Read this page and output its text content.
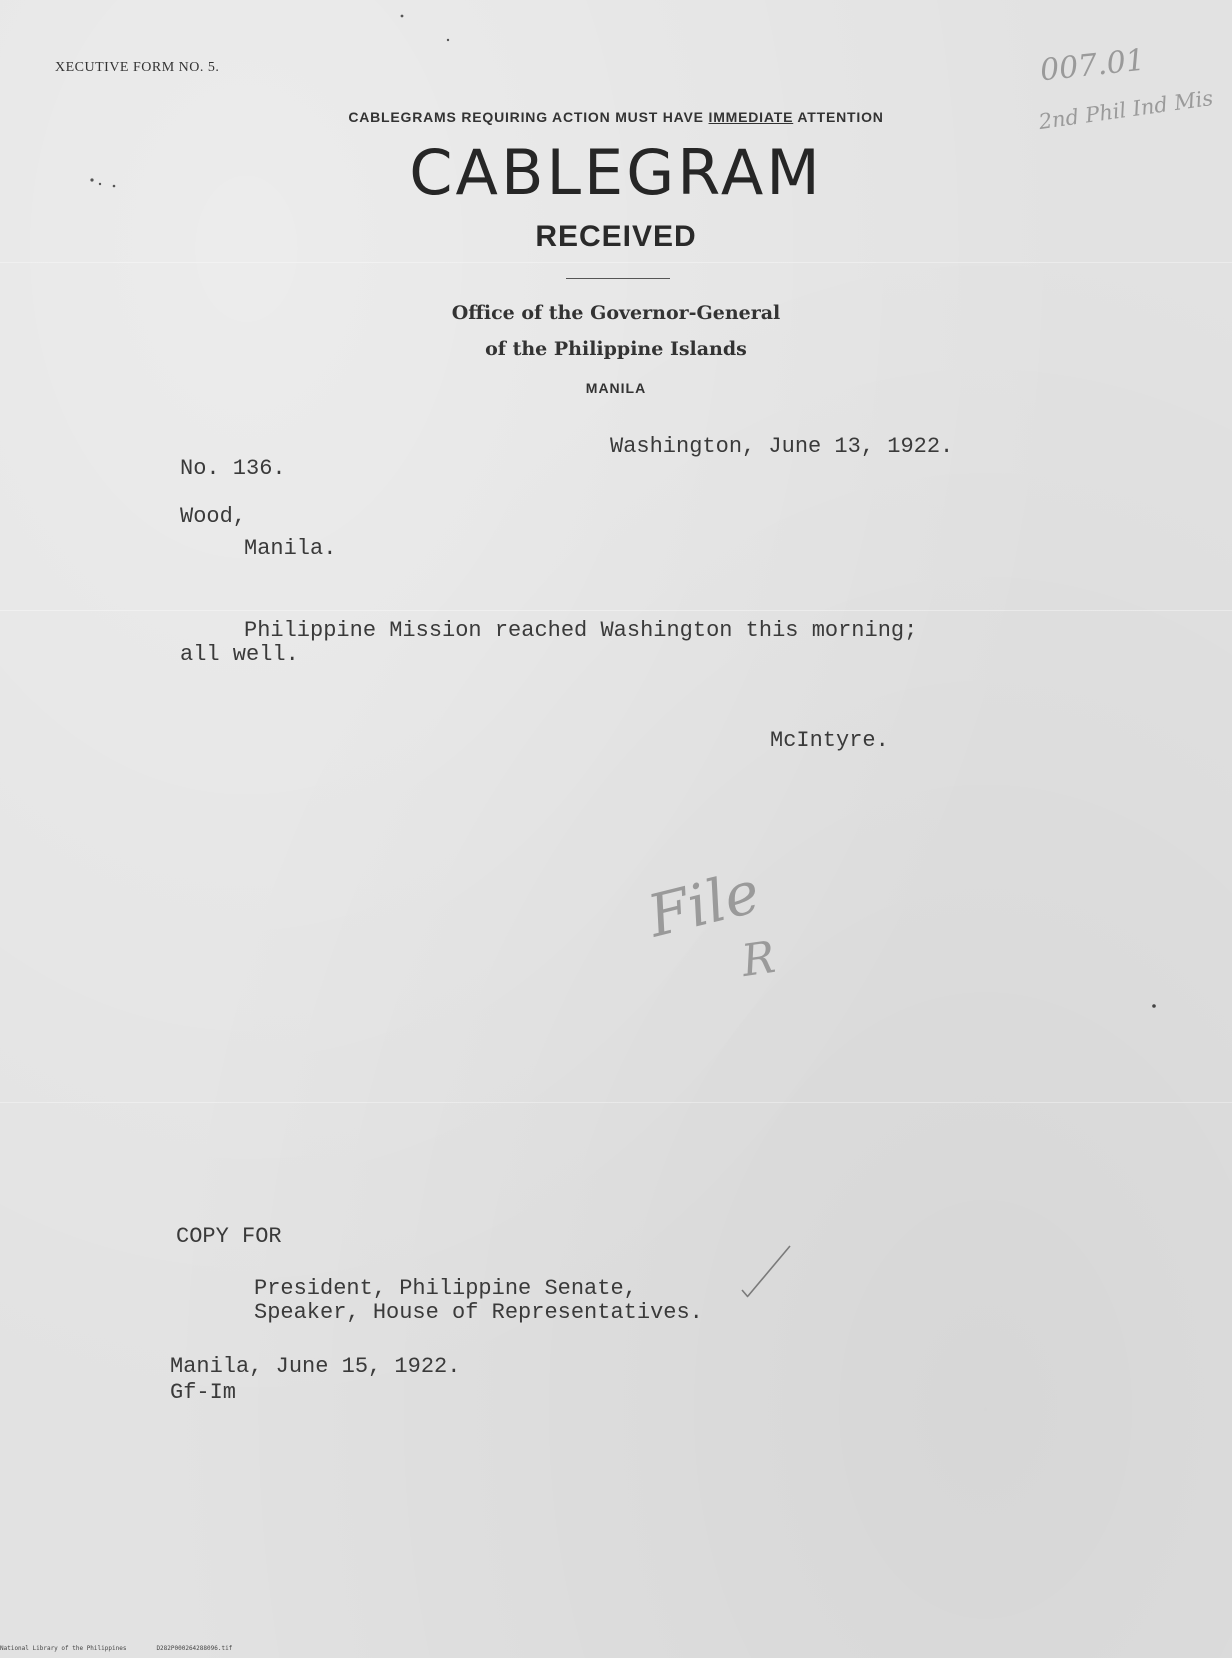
XECUTIVE FORM NO. 5.
CABLEGRAMS REQUIRING ACTION MUST HAVE IMMEDIATE ATTENTION
CABLEGRAM
RECEIVED
Office of the Governor-General
of the Philippine Islands
MANILA
Washington, June 13, 1922.
No. 136.
Wood,
Manila.
Philippine Mission reached Washington this morning;
all well.
McIntyre.
COPY FOR
President, Philippine Senate,
Speaker, House of Representatives.
Manila, June 15, 1922.
Gf-Im
007.01
2nd Phil Ind Mis
File
R
National Library of the Philippines	D282P000264288096.tif
